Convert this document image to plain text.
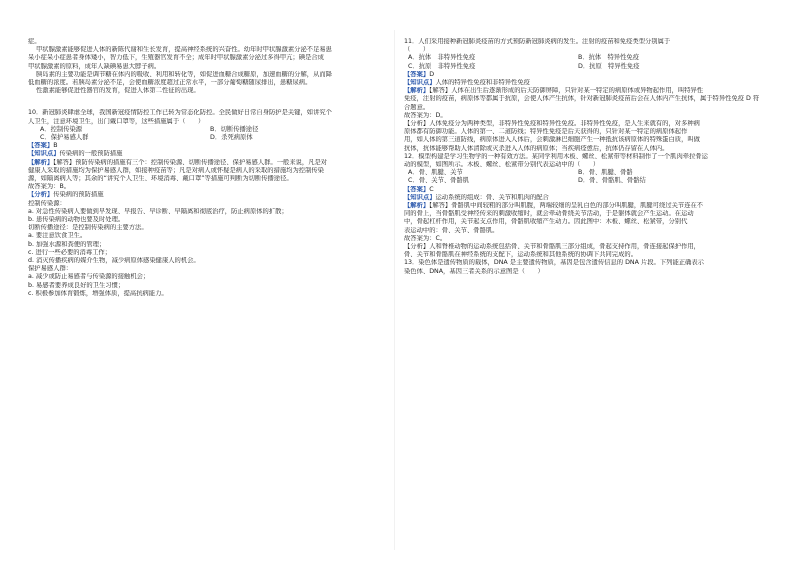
症。
甲状腺激素能够促进人体的新陈代谢和生长发育，提高神经系统的兴奋性。幼年时甲状腺激素分泌不足易患
呆小症呆小症患者身体矮小，智力低下，生殖器官发育不全；成年时甲状腺激素分泌过多得甲亢；碘是合成
甲状腺激素的原料，成年人缺碘易患大脖子病。
胰岛素的主要功能是调节糖在体内的吸收、利用和转化等，如促进血糖合成糖原，加速血糖的分解，从而降
低血糖的浓度。若胰岛素分泌不足，会使血糖浓度超过正常水平，一部分葡萄糖随尿排出，患糖尿病。
性激素能够促进性器官的发育，促进人体第二性征的出现。
10．新冠肺炎肆虐全球，我国新冠疫情防控工作已转为常态化防控。全民做好日常自身防护是关键，如讲究个
人卫生，注意环境卫生，出门戴口罩等，这些措施属于（　　）
A．控制传染源	B．切断传播途径
C．保护易感人群	D．杀死病原体
【答案】B
【知识点】传染病的一般预防措施
【解析】【解答】预防传染病的措施有三个：控制传染源、切断传播途径、保护易感人群。一般来说，凡是对
健康人采取的措施均为保护易感人群，如接种疫苗等；凡是对病人或怀疑是病人的采取的措施均为控制传染
源，如隔离病人等；其余的“讲究个人卫生、环境消毒、戴口罩”等措施可判断为切断传播途径。
故答案为：B。
【分析】传染病的预防措施
控制传染源：
a. 对急性传染病人要做到早发现、早报告、早诊断、早隔离和彻底治疗，防止病原体的扩散；
b. 患传染病的动物也要及时处理。
切断传播途径：是控制传染病的主要方法。
a. 要注意饮食卫生。
b. 加强水源和粪便的管理；
c. 进行一些必要的消毒工作；
d. 消灭传播疾病的媒介生物，减少病原体感染健康人的机会。
保护易感人群：
a. 减少或防止易感者与传染源的接触机会；
b. 易感者要养成良好的卫生习惯；
c. 积极参加体育锻炼，增强体质，提高抗病能力。
11．人们采用接种新冠肺炎疫苗的方式预防新冠肺炎病的发生。注射的疫苗和免疫类型分别属于
（　　）
A．抗体　非特异性免疫	B．抗体　特异性免疫
C．抗原　非特异性免疫	D．抗原　特异性免疫
【答案】D
【知识点】人体的特异性免疫和非特异性免疫
【解析】【解答】人体在出生后逐渐形成的后天防御屏障，只针对某一特定的病原体或异物起作用，叫特异性
免疫，注射的疫苗，病原体等都属于抗原，会使人体产生抗体，针对新冠肺炎疫苗后会在人体内产生抗体，属于特异性免疫 D 符
合题意。
故答案为：D。
【分析】人体免疫分为两种类型，非特异性免疫和特异性免疫。非特异性免疫，是人生来就有的，对多种病
原体都有防御功能。人体的第一、二道防线；特异性免疫是后天获得的，只针对某一特定的病原体起作
用，如人体的第三道防线，病原体进入人体后，会刺激淋巴细胞产生一种抵抗该病原体的特殊蛋白质，叫做
抗体，抗体能够帮助人体清除或灭杀进入人体的病原体；当疾病痊愈后，抗体仍存留在人体内。
12．模型构建是学习生物学的一种有效方法。某同学利用木板、螺丝、松紧带等材料制作了一个肌肉牵拉骨运
动的模型，如图所示。木板、螺丝、松紧带分别代表运动中的（　　）
A．骨、肌腱、关节	B．骨、肌腱、骨骼
C．骨、关节、骨骼肌	D．骨、骨骼肌、骨骼结
【答案】C
【知识点】运动系统的组成：骨、关节和肌肉的配合
【解析】【解答】骨骼肌中间较粗的部分叫肌腹，两端较细的呈乳白色的部分叫肌腱，肌腱可绕过关节连在不
同的骨上，当骨骼肌受神经传来的刺激收缩时，就会牵动骨绕关节活动，于是躯体就会产生运动。在运动
中，骨起杠杆作用，关节起支点作用，骨骼肌收缩产生动力。因此图中：木板、螺丝、松紧带，分别代
表运动中的：骨、关节、骨骼肌。
故答案为：C。
【分析】人和脊椎动物的运动系统包括骨、关节和骨骼肌三部分组成，骨起支持作用，骨连接起保护作用，
骨、关节和骨骼肌在神经系统的支配下，运动系统和其他系统的协调下共同完成的。
13．染色体是遗传物质的载体，DNA 是主要遗传物质，基因是包含遗传信息的 DNA 片段。下列能正确表示
染色体、DNA，基因三者关系的示意图是（　　）
